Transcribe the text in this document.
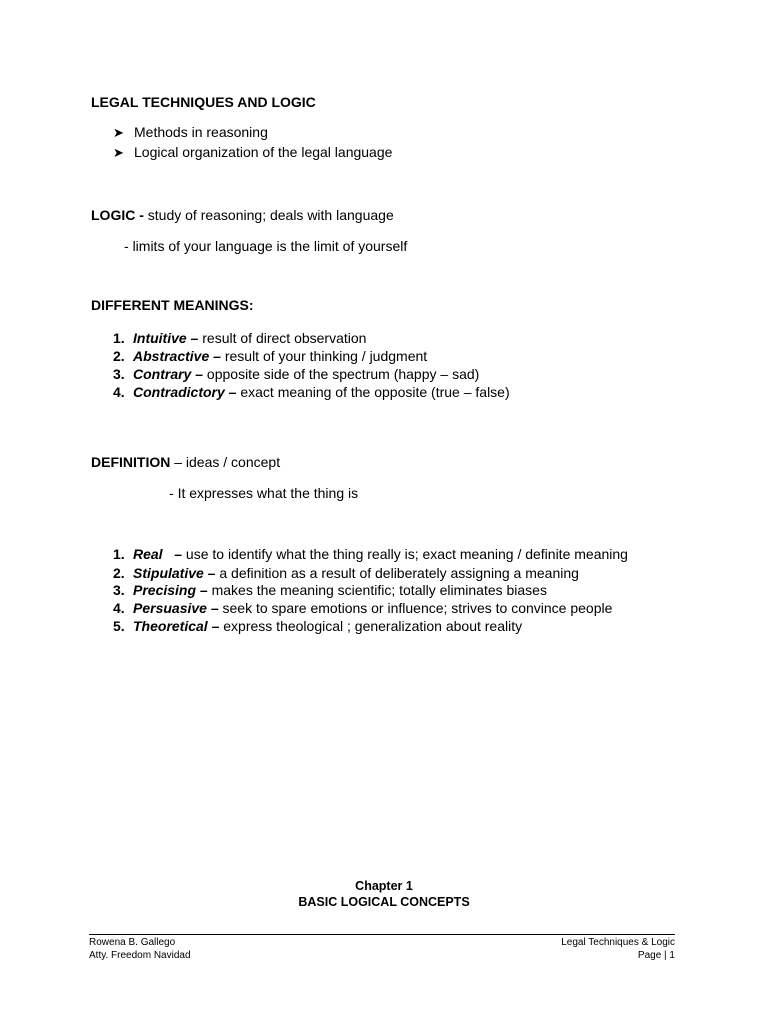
LEGAL TECHNIQUES AND LOGIC
➤ Methods in reasoning
➤ Logical organization of the legal language
LOGIC - study of reasoning; deals with language
- limits of your language is the limit of yourself
DIFFERENT MEANINGS:
1. Intuitive – result of direct observation
2. Abstractive – result of your thinking / judgment
3. Contrary – opposite side of the spectrum (happy – sad)
4. Contradictory – exact meaning of the opposite (true – false)
DEFINITION – ideas / concept
- It expresses what the thing is
1. Real   – use to identify what the thing really is; exact meaning / definite meaning
2. Stipulative – a definition as a result of deliberately assigning a meaning
3. Precising – makes the meaning scientific; totally eliminates biases
4. Persuasive – seek to spare emotions or influence; strives to convince people
5. Theoretical – express theological ; generalization about reality
Chapter 1
BASIC LOGICAL CONCEPTS
Rowena B. Gallego
Atty. Freedom Navidad
Legal Techniques & Logic
Page | 1
